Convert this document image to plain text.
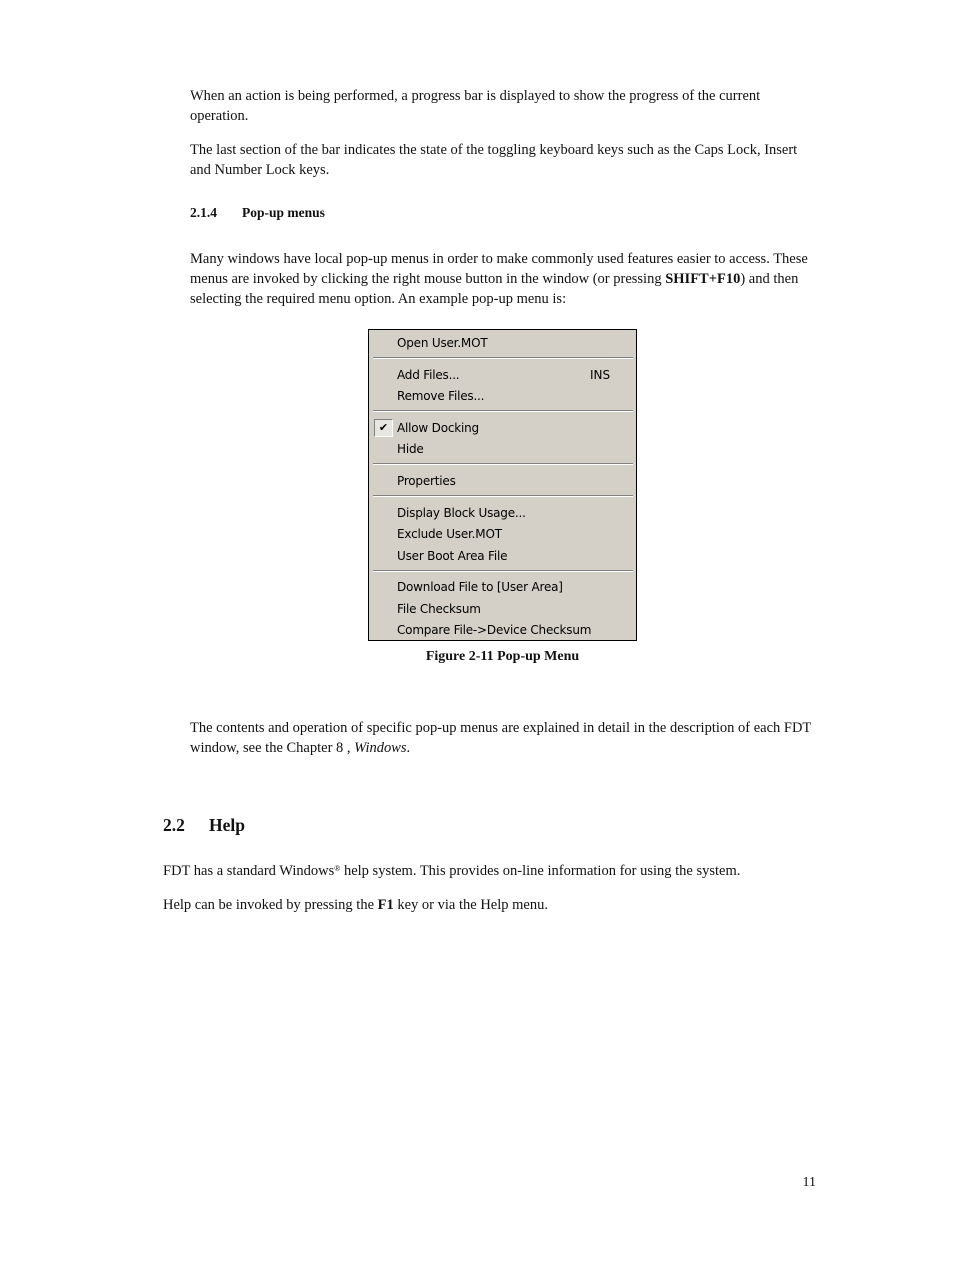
When an action is being performed, a progress bar is displayed to show the progress of the current operation.

The last section of the bar indicates the state of the toggling keyboard keys such as the Caps Lock, Insert and Number Lock keys.

2.1.4 Pop-up menus

Many windows have local pop-up menus in order to make commonly used features easier to access. These menus are invoked by clicking the right mouse button in the window (or pressing SHIFT+F10) and then selecting the required menu option. An example pop-up menu is:

Open User.MOT
Add Files...	INS
Remove Files...
✔ Allow Docking
Hide
Properties
Display Block Usage...
Exclude User.MOT
User Boot Area File
Download File to [User Area]
File Checksum
Compare File->Device Checksum
Figure 2-11 Pop-up Menu

The contents and operation of specific pop-up menus are explained in detail in the description of each FDT window, see the Chapter 8 , Windows.

2.2 Help

FDT has a standard Windows® help system. This provides on-line information for using the system.

Help can be invoked by pressing the F1 key or via the Help menu.

11
